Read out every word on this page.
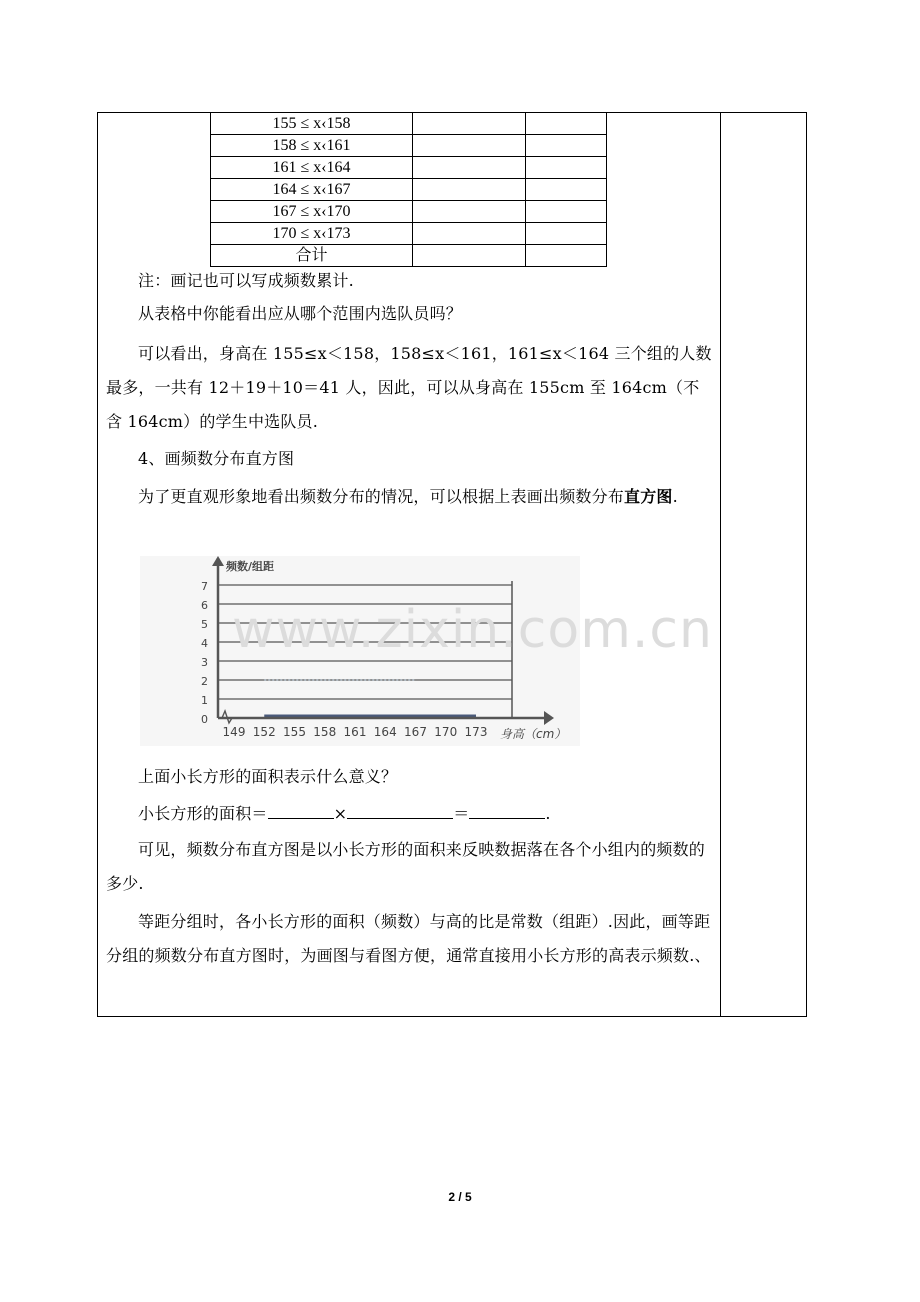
155 ≤ x‹158		
158 ≤ x‹161		
161 ≤ x‹164		
164 ≤ x‹167		
167 ≤ x‹170		
170 ≤ x‹173		
合计		
注：画记也可以写成频数累计.
从表格中你能看出应从哪个范围内选队员吗？
可以看出，身高在 155≤x＜158，158≤x＜161，161≤x＜164 三个组的人数最多，一共有 12＋19＋10＝41 人，因此，可以从身高在 155cm 至 164cm（不含 164cm）的学生中选队员.
4、画频数分布直方图
为了更直观形象地看出频数分布的情况，可以根据上表画出频数分布直方图.
0
1
2
3
4
5
6
7
149 152 155 158 161 164 167 170 173
频数/组距
身高（cm）
www.zixin.com.cn
上面小长方形的面积表示什么意义？
小长方形的面积＝	×	＝	.
可见，频数分布直方图是以小长方形的面积来反映数据落在各个小组内的频数的多少.
等距分组时，各小长方形的面积（频数）与高的比是常数（组距）.因此，画等距分组的频数分布直方图时，为画图与看图方便，通常直接用小长方形的高表示频数.、
2 / 5
